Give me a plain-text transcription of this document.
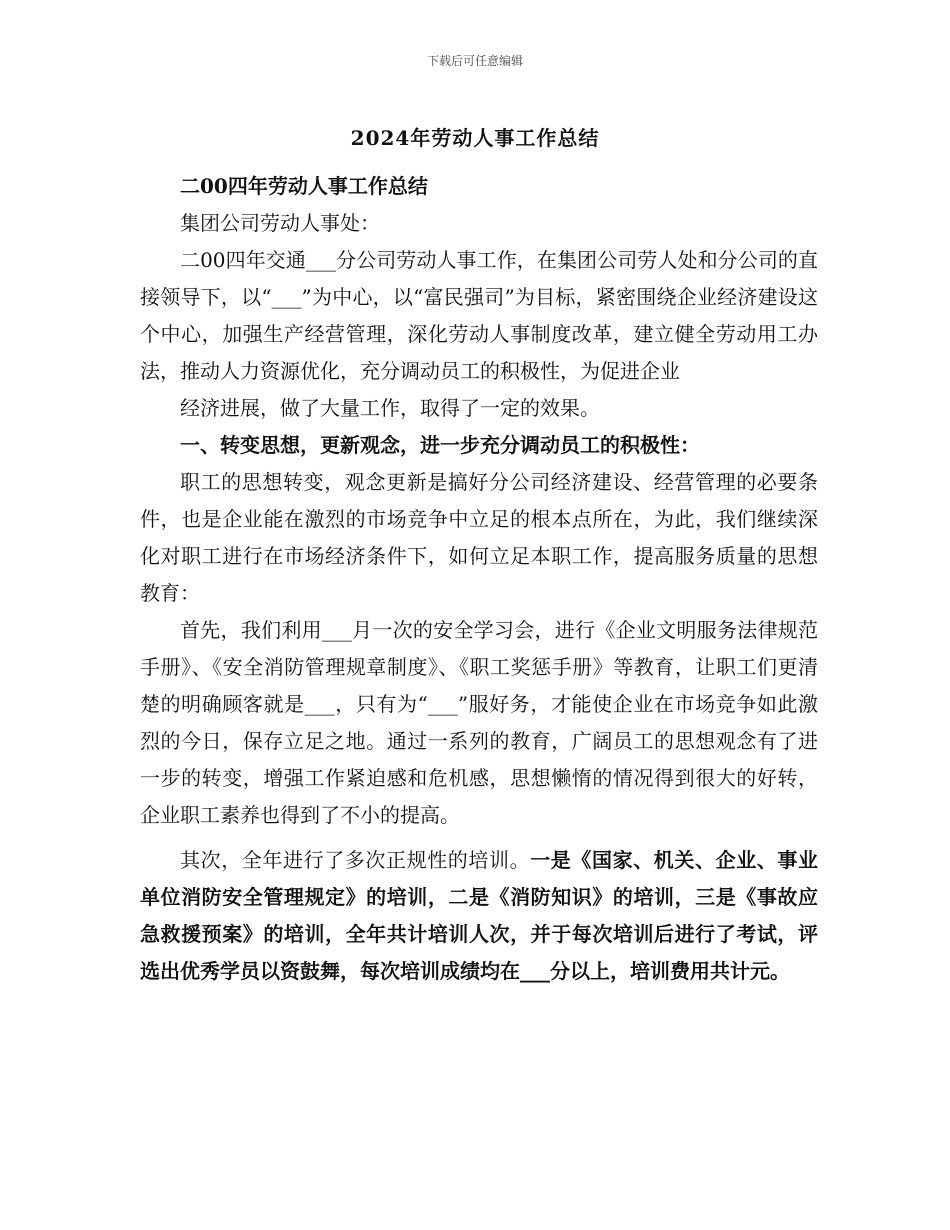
下载后可任意编辑
2024年劳动人事工作总结

二00四年劳动人事工作总结

集团公司劳动人事处：

二00四年交通___分公司劳动人事工作，在集团公司劳人处和分公司的直接领导下，以“___”为中心，以“富民强司”为目标，紧密围绕企业经济建设这个中心，加强生产经营管理，深化劳动人事制度改革，建立健全劳动用工办法，推动人力资源优化，充分调动员工的积极性，为促进企业

经济进展，做了大量工作，取得了一定的效果。

一、转变思想，更新观念，进一步充分调动员工的积极性：

职工的思想转变，观念更新是搞好分公司经济建设、经营管理的必要条件，也是企业能在激烈的市场竞争中立足的根本点所在，为此，我们继续深化对职工进行在市场经济条件下，如何立足本职工作，提高服务质量的思想教育：

首先，我们利用___月一次的安全学习会，进行《企业文明服务法律规范手册》、《安全消防管理规章制度》、《职工奖惩手册》等教育，让职工们更清楚的明确顾客就是___，只有为“___”服好务，才能使企业在市场竞争如此激烈的今日，保存立足之地。通过一系列的教育，广阔员工的思想观念有了进一步的转变，增强工作紧迫感和危机感，思想懒惰的情况得到很大的好转，企业职工素养也得到了不小的提高。

其次，全年进行了多次正规性的培训。一是《国家、机关、企业、事业单位消防安全管理规定》的培训，二是《消防知识》的培训，三是《事故应急救援预案》的培训，全年共计培训人次，并于每次培训后进行了考试，评选出优秀学员以资鼓舞，每次培训成绩均在___分以上，培训费用共计元。
